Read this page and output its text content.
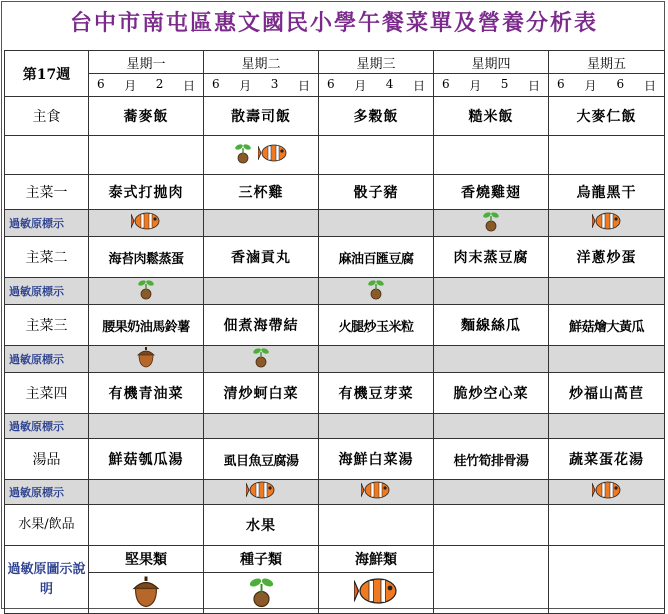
台中市南屯區惠文國民小學午餐菜單及營養分析表
第17週	星期一	星期二	星期三	星期四	星期五

	6 月 2 日	6 月 3 日	6 月 4 日	6 月 5 日	6 月 6 日

主食	蕎麥飯	散壽司飯	多穀飯	糙米飯	大麥仁飯

主菜一	泰式打拋肉	三杯雞	骰子豬	香燒雞翅	烏龍黑干
過敏原標示					
主菜二	海苔肉鬆蒸蛋	香滷貢丸	麻油百匯豆腐	肉末蒸豆腐	洋蔥炒蛋
過敏原標示					
主菜三	腰果奶油馬鈴薯	佃煮海帶結	火腿炒玉米粒	麵線絲瓜	鮮菇燴大黃瓜
過敏原標示					
主菜四	有機青油菜	清炒蚵白菜	有機豆芽菜	脆炒空心菜	炒福山萵苣
過敏原標示					
湯品	鮮菇瓠瓜湯	虱目魚豆腐湯	海鮮白菜湯	桂竹筍排骨湯	蔬菜蛋花湯
過敏原標示					
水果/飲品		水果			
過敏原圖示說明	堅果類	種子類	海鮮類		
